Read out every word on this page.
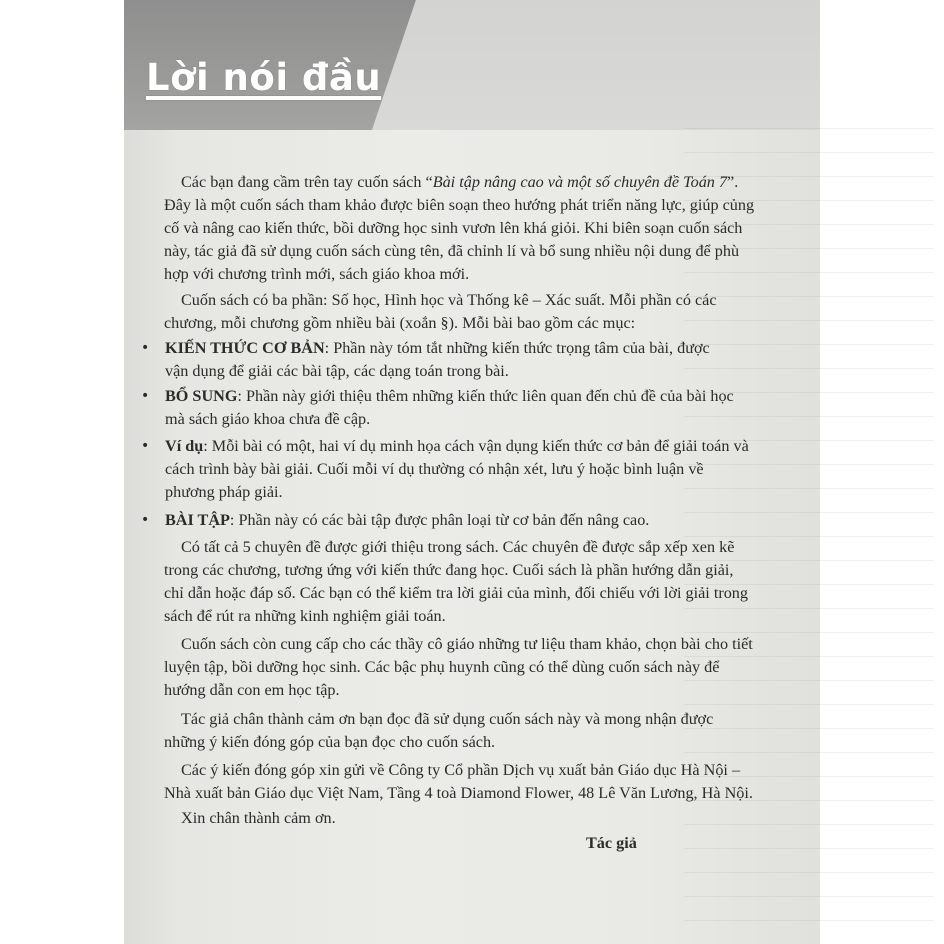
Lời nói đầu

Các bạn đang cầm trên tay cuốn sách “Bài tập nâng cao và một số chuyên đề Toán 7”.

Đây là một cuốn sách tham khảo được biên soạn theo hướng phát triển năng lực, giúp củng

cố và nâng cao kiến thức, bồi dưỡng học sinh vươn lên khá giỏi. Khi biên soạn cuốn sách

này, tác giả đã sử dụng cuốn sách cùng tên, đã chỉnh lí và bổ sung nhiều nội dung để phù

hợp với chương trình mới, sách giáo khoa mới.

Cuốn sách có ba phần: Số học, Hình học và Thống kê – Xác suất. Mỗi phần có các

chương, mỗi chương gồm nhiều bài (xoắn §). Mỗi bài bao gồm các mục:

• KIẾN THỨC CƠ BẢN: Phần này tóm tắt những kiến thức trọng tâm của bài, được

vận dụng để giải các bài tập, các dạng toán trong bài.

• BỔ SUNG: Phần này giới thiệu thêm những kiến thức liên quan đến chủ đề của bài học

mà sách giáo khoa chưa đề cập.

• Ví dụ: Mỗi bài có một, hai ví dụ minh họa cách vận dụng kiến thức cơ bản để giải toán và

cách trình bày bài giải. Cuối mỗi ví dụ thường có nhận xét, lưu ý hoặc bình luận về

phương pháp giải.

• BÀI TẬP: Phần này có các bài tập được phân loại từ cơ bản đến nâng cao.

Có tất cả 5 chuyên đề được giới thiệu trong sách. Các chuyên đề được sắp xếp xen kẽ

trong các chương, tương ứng với kiến thức đang học. Cuối sách là phần hướng dẫn giải,

chỉ dẫn hoặc đáp số. Các bạn có thể kiểm tra lời giải của mình, đối chiếu với lời giải trong

sách để rút ra những kinh nghiệm giải toán.

Cuốn sách còn cung cấp cho các thầy cô giáo những tư liệu tham khảo, chọn bài cho tiết

luyện tập, bồi dưỡng học sinh. Các bậc phụ huynh cũng có thể dùng cuốn sách này để

hướng dẫn con em học tập.

Tác giả chân thành cảm ơn bạn đọc đã sử dụng cuốn sách này và mong nhận được

những ý kiến đóng góp của bạn đọc cho cuốn sách.

Các ý kiến đóng góp xin gửi về Công ty Cổ phần Dịch vụ xuất bản Giáo dục Hà Nội –

Nhà xuất bản Giáo dục Việt Nam, Tầng 4 toà Diamond Flower, 48 Lê Văn Lương, Hà Nội.

Xin chân thành cảm ơn.

Tác giả
